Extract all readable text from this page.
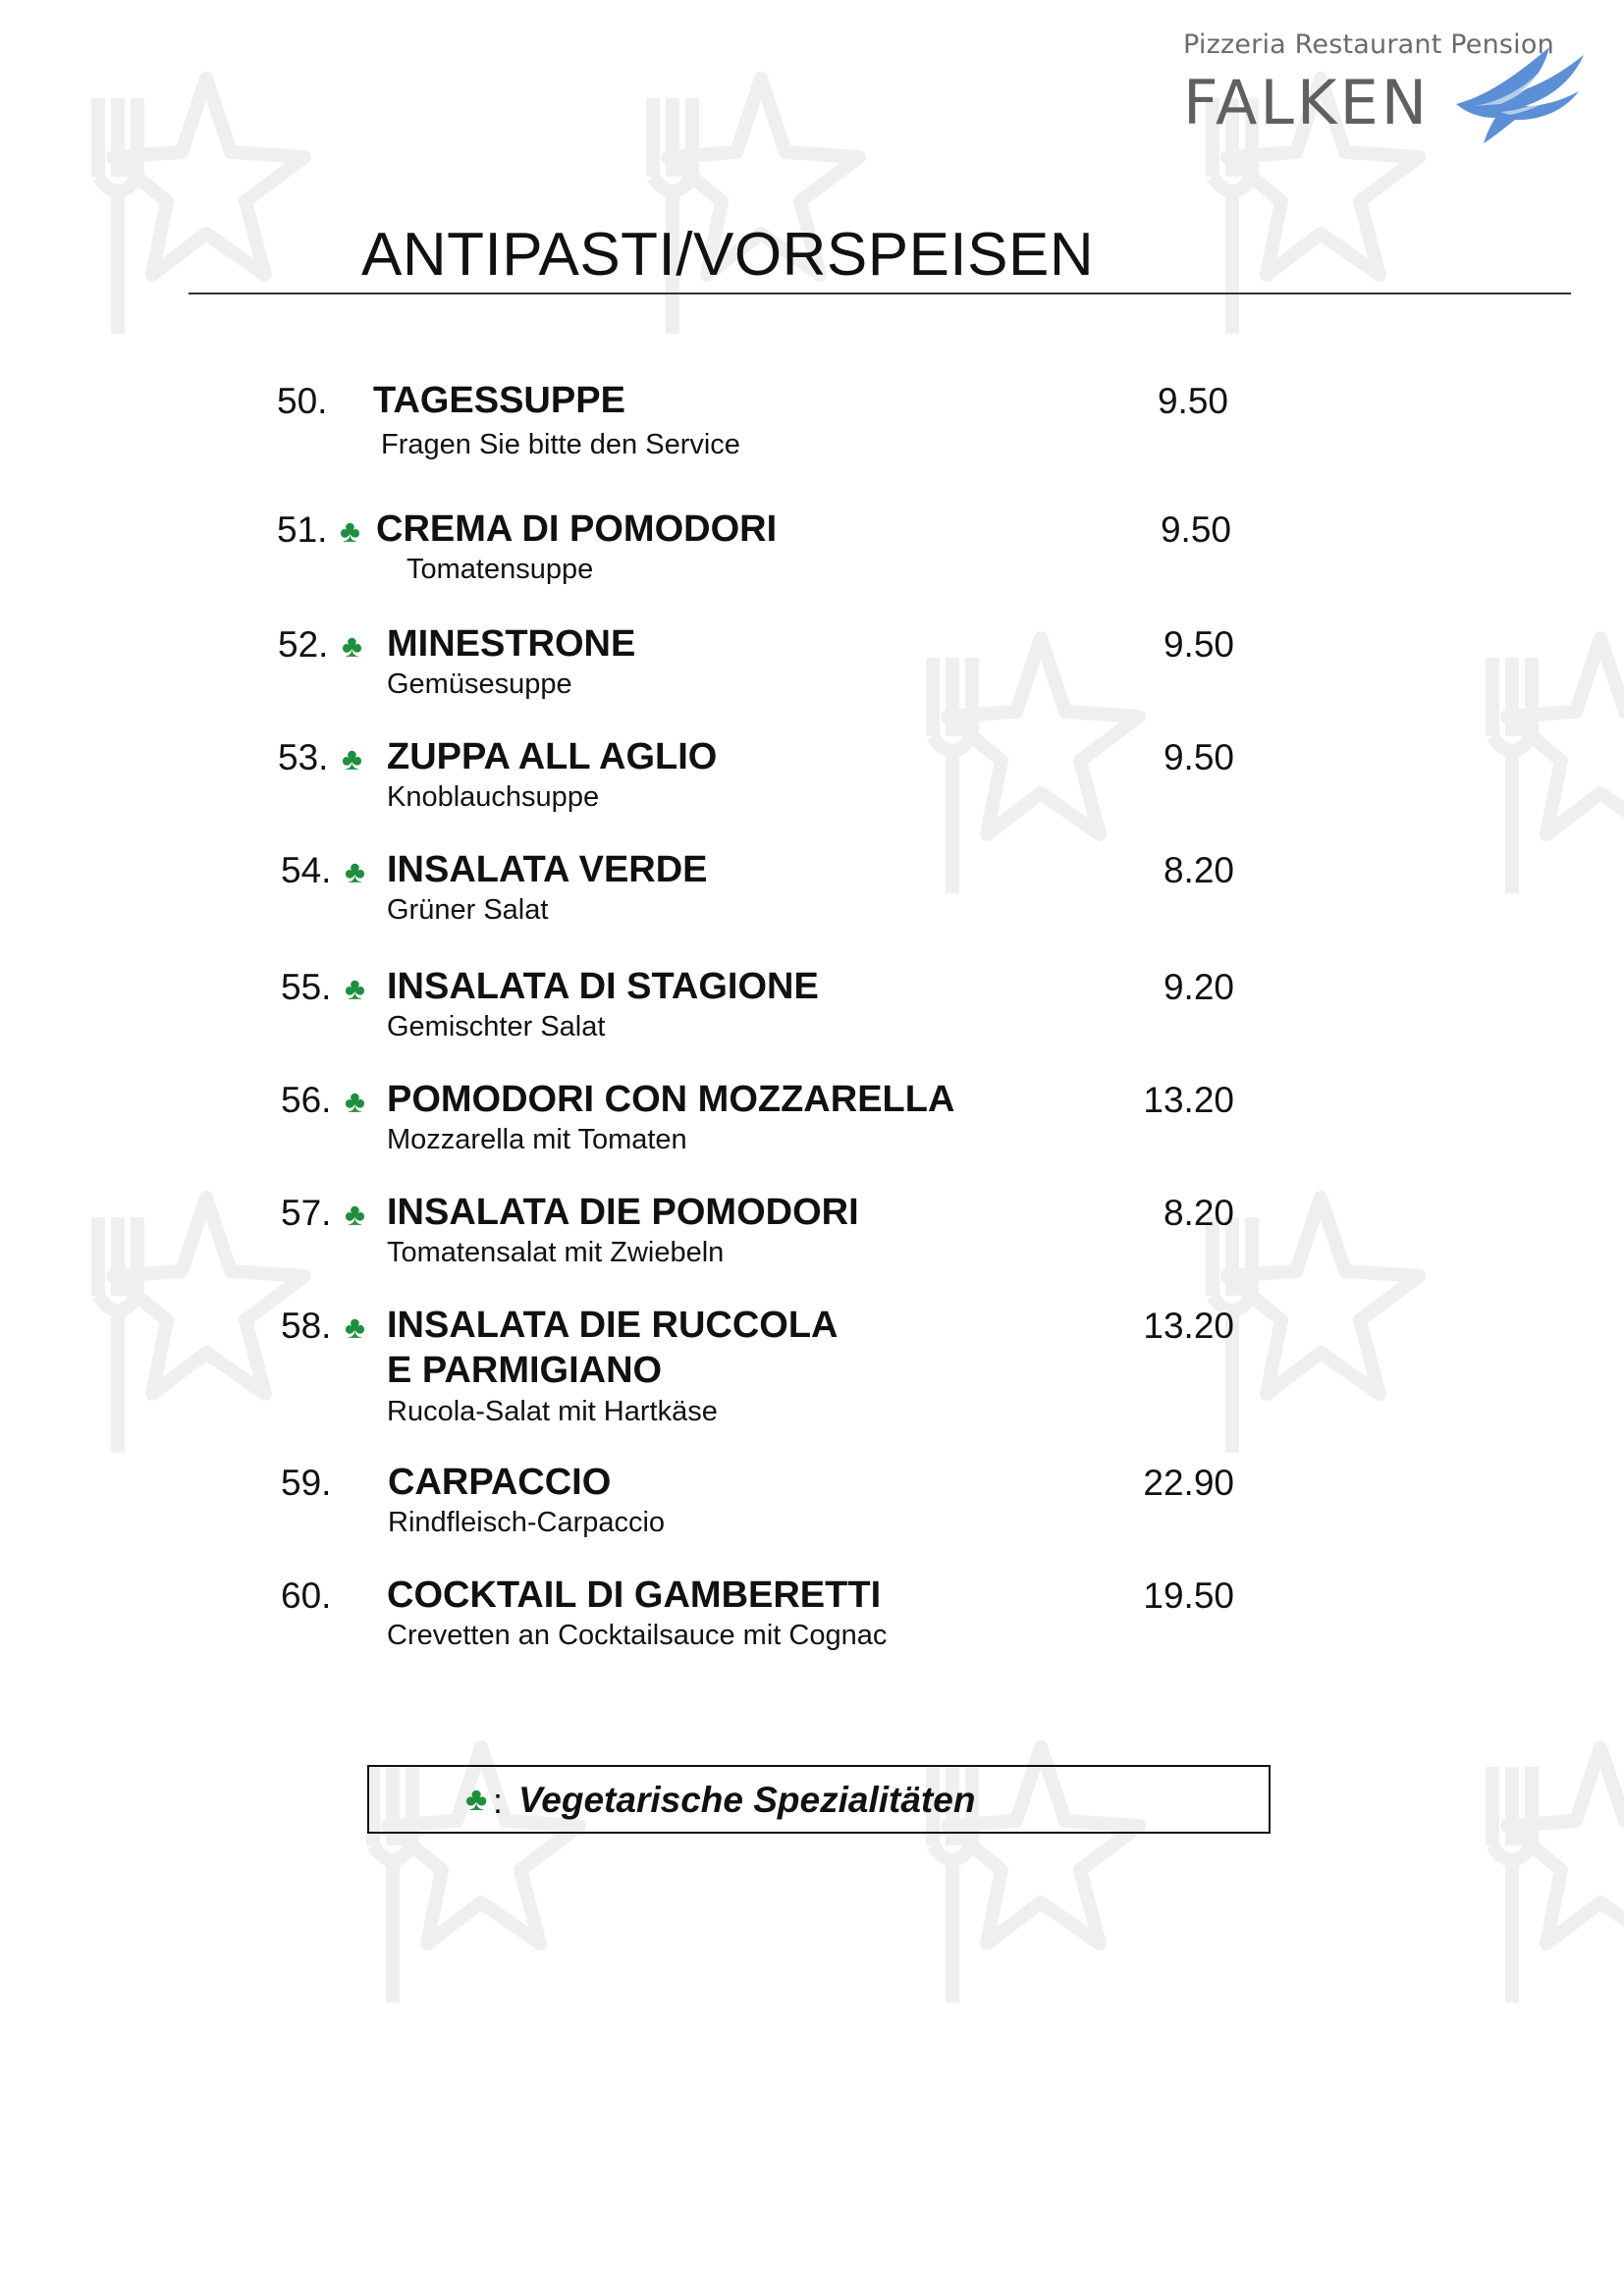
Pizzeria Restaurant Pension
FALKEN
ANTIPASTI/VORSPEISEN
50. TAGESSUPPE
Fragen Sie bitte den Service
9.50
51. ♣ CREMA DI POMODORI
Tomatensuppe
9.50
52. ♣ MINESTRONE
Gemüsesuppe
9.50
53. ♣ ZUPPA ALL AGLIO
Knoblauchsuppe
9.50
54. ♣ INSALATA VERDE
Grüner Salat
8.20
55. ♣ INSALATA DI STAGIONE
Gemischter Salat
9.20
56. ♣ POMODORI CON MOZZARELLA
Mozzarella mit Tomaten
13.20
57. ♣ INSALATA DIE POMODORI
Tomatensalat mit Zwiebeln
8.20
58. ♣ INSALATA DIE RUCCOLA
E PARMIGIANO
Rucola-Salat mit Hartkäse
13.20
59. CARPACCIO
Rindfleisch-Carpaccio
22.90
60. COCKTAIL DI GAMBERETTI
Crevetten an Cocktailsauce mit Cognac
19.50
♣ : Vegetarische Spezialitäten
